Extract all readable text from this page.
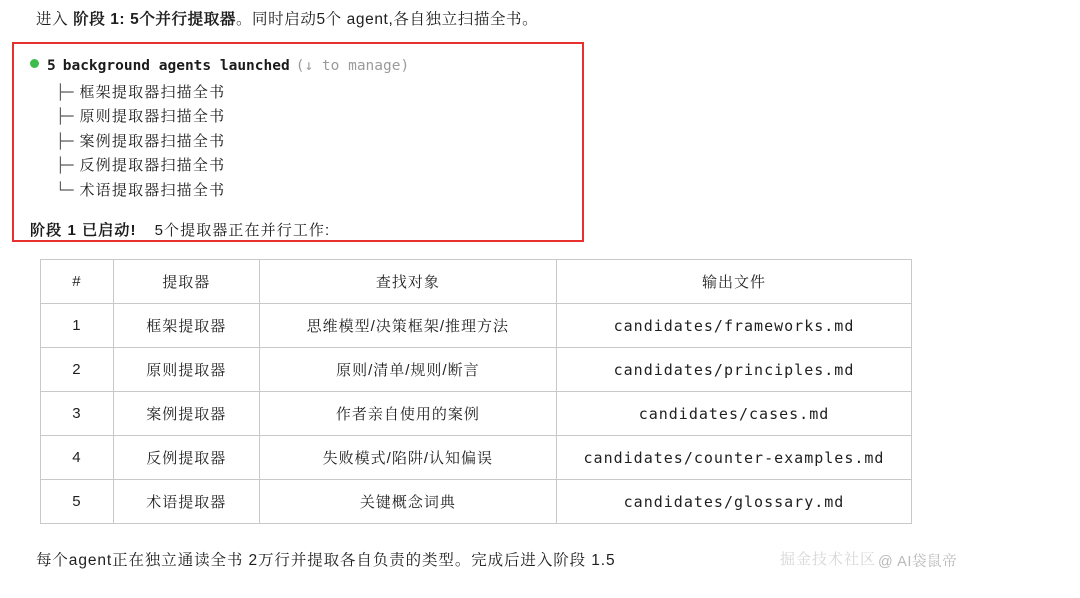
进入 阶段 1: 5个并行提取器。同时启动5个 agent,各自独立扫描全书。
5 background agents launched (↓ to manage)
├─ 框架提取器扫描全书
├─ 原则提取器扫描全书
├─ 案例提取器扫描全书
├─ 反例提取器扫描全书
└─ 术语提取器扫描全书
阶段 1 已启动! 5个提取器正在并行工作:
#	提取器	查找对象	输出文件
1	框架提取器	思维模型/决策框架/推理方法	candidates/frameworks.md
2	原则提取器	原则/清单/规则/断言	candidates/principles.md
3	案例提取器	作者亲自使用的案例	candidates/cases.md
4	反例提取器	失败模式/陷阱/认知偏误	candidates/counter-examples.md
5	术语提取器	关键概念词典	candidates/glossary.md
每个agent正在独立通读全书 2万行并提取各自负责的类型。完成后进入阶段 1.5	掘金技术社区 @ AI袋鼠帝
